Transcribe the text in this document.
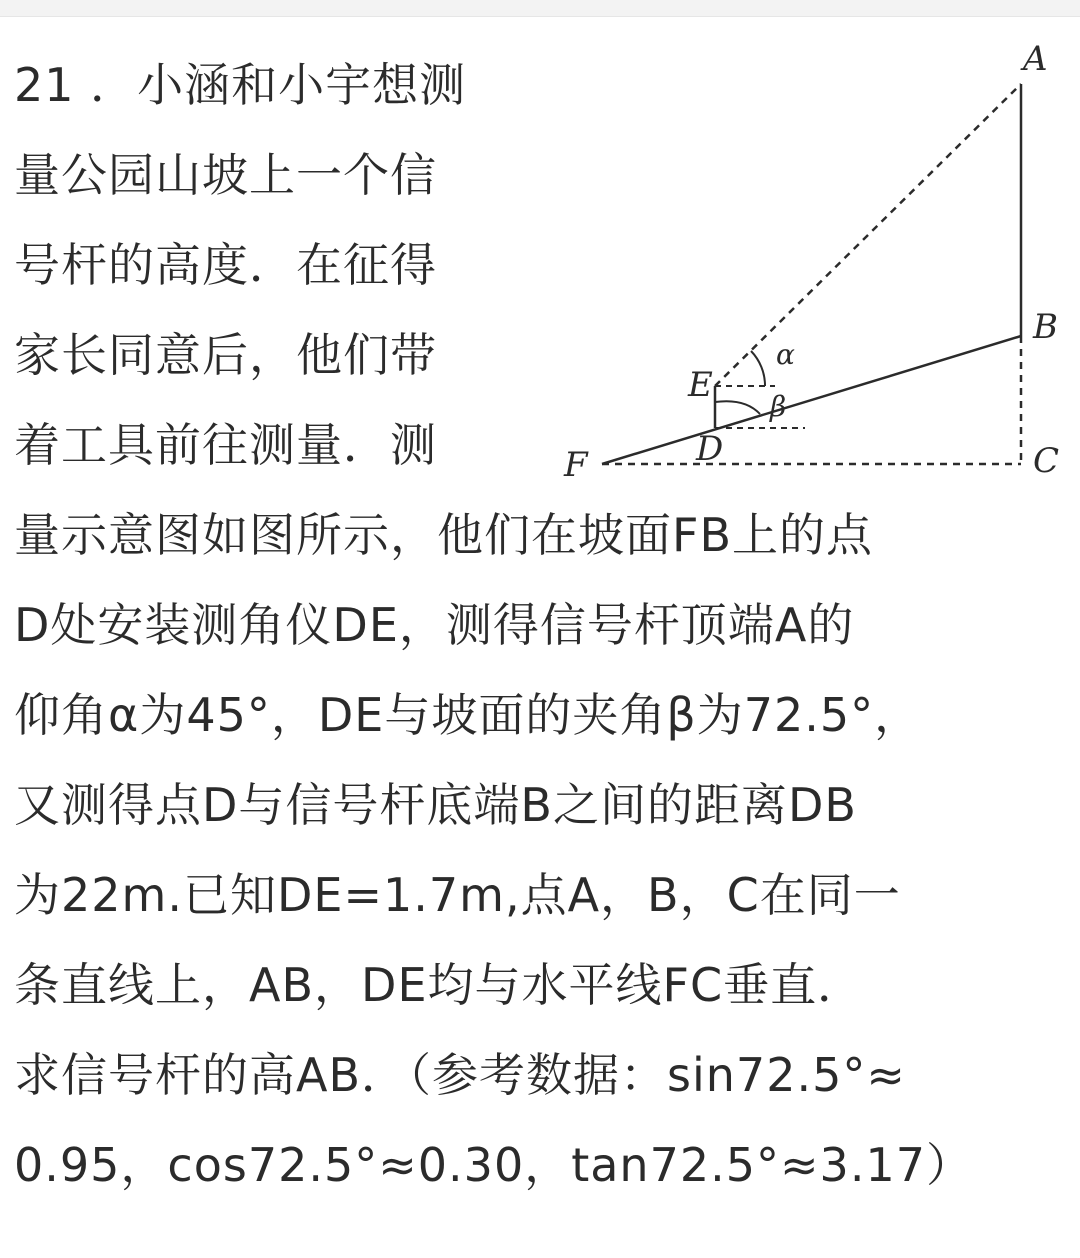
21 ．小涵和小宇想测
量公园山坡上一个信
号杆的高度．在征得
家长同意后，他们带
着工具前往测量．测
量示意图如图所示，他们在坡面FB上的点
D处安装测角仪DE，测得信号杆顶端A的
仰角α为45°，DE与坡面的夹角β为72.5°，
又测得点D与信号杆底端B之间的距离DB
为22m.已知DE=1.7m,点A，B，C在同一
条直线上，AB，DE均与水平线FC垂直．
求信号杆的高AB．（参考数据：sin72.5°≈
0.95，cos72.5°≈0.30，tan72.5°≈3.17）
A
B
C
F
E
D
α
β
